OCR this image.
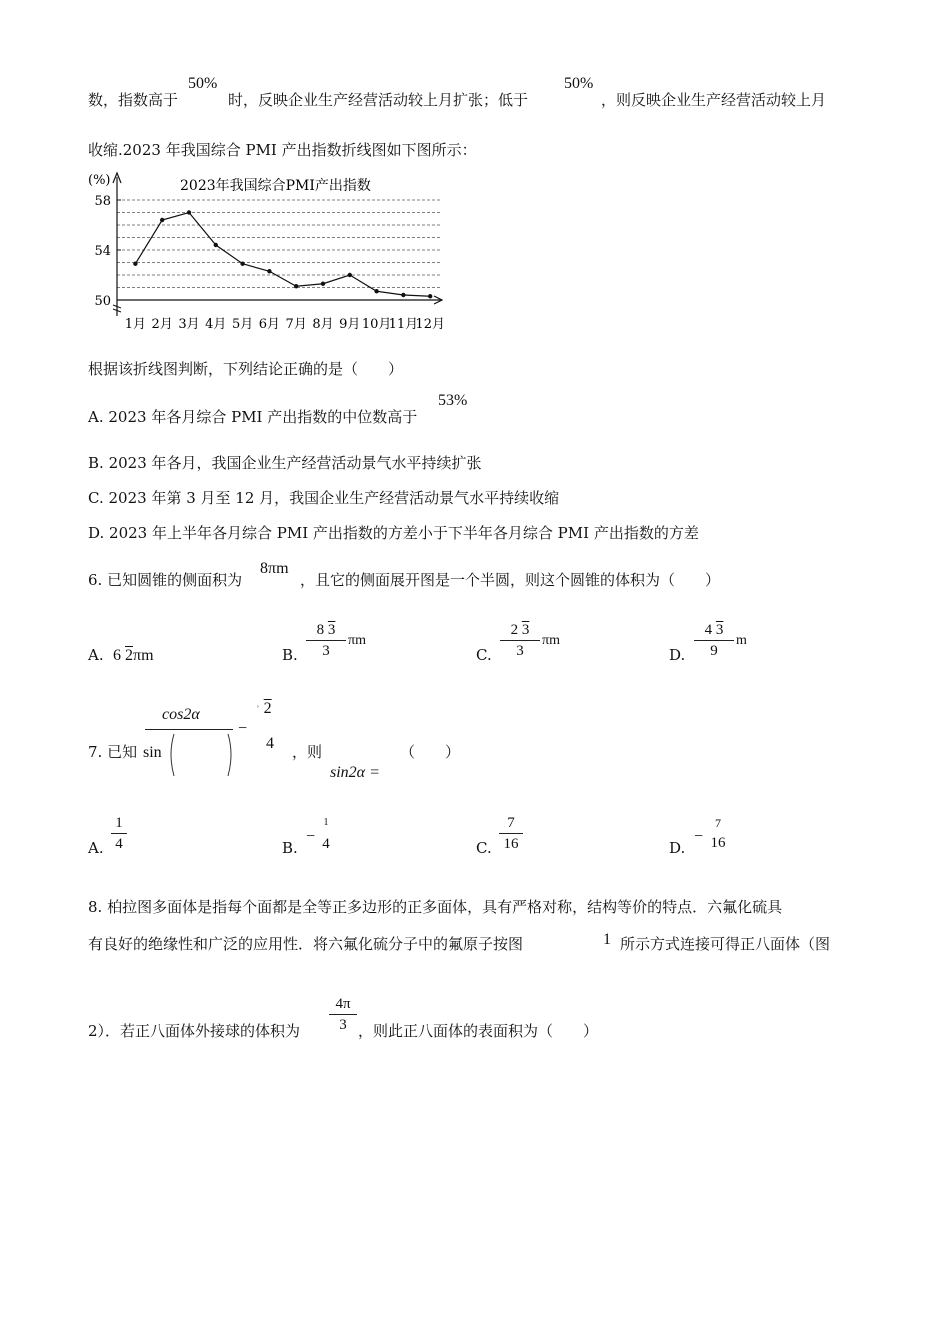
数，指数高于
50%
时，反映企业生产经营活动较上月扩张；低于
50%
，则反映企业生产经营活动较上月
收缩.2023 年我国综合 PMI 产出指数折线图如下图所示：
(%)	2023年我国综合PMI产出指数
58
54
50
1月 2月 3月 4月 5月 6月 7月 8月 9月 10月
11月
12月
根据该折线图判断，下列结论正确的是（　　）
A. 2023 年各月综合 PMI 产出指数的中位数高于
53%
B. 2023 年各月，我国企业生产经营活动景气水平持续扩张
C. 2023 年第 3 月至 12 月，我国企业生产经营活动景气水平持续收缩
D. 2023 年上半年各月综合 PMI 产出指数的方差小于下半年各月综合 PMI 产出指数的方差
6. 已知圆锥的侧面积为
8πm
，且它的侧面展开图是一个半圆，则这个圆锥的体积为（　　）
A. 6 2πm	B.
8 3
3
πm
C.
2 3
3
πm
D.
4 3
9
m
7. 已知
cos2α
sin
−
ʾ 2
4 ，则	（　　）
sin2α =
A.
1
4	B.
−
1
4	C.
7
16	D.
−
7
16
8. 柏拉图多面体是指每个面都是全等正多边形的正多面体，具有严格对称，结构等价的特点．六氟化硫具
有良好的绝缘性和广泛的应用性．将六氟化硫分子中的氟原子按图	1 所示方式连接可得正八面体（图
2）．若正八面体外接球的体积为
4π
3 ，则此正八面体的表面积为（　　）
